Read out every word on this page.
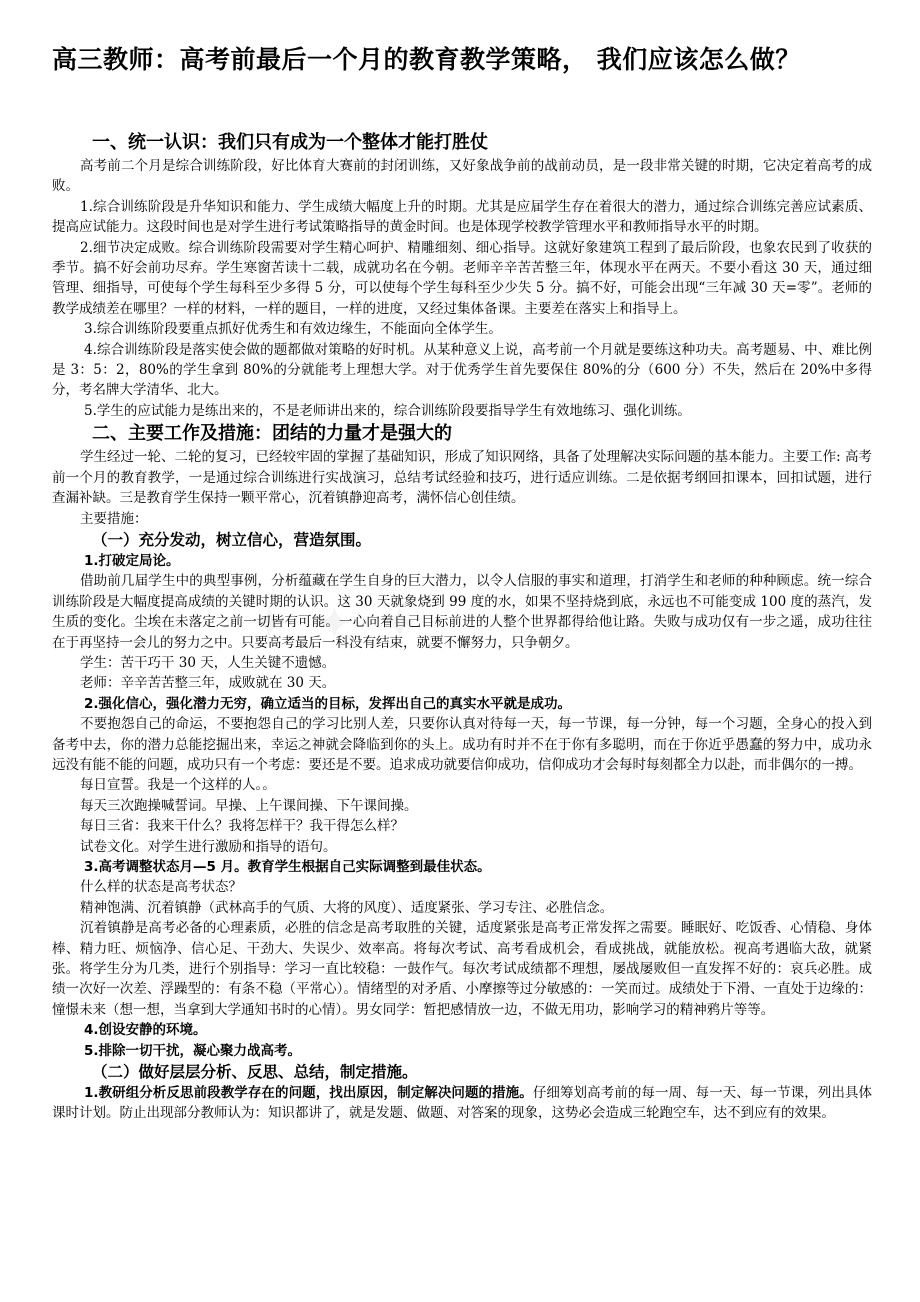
高三教师：高考前最后一个月的教育教学策略， 我们应该怎么做？
一、统一认识：我们只有成为一个整体才能打胜仗

高考前二个月是综合训练阶段，好比体育大赛前的封闭训练，又好象战争前的战前动员，是一段非常关键的时期，它决定着高考的成败。

1.综合训练阶段是升华知识和能力、学生成绩大幅度上升的时期。尤其是应届学生存在着很大的潜力，通过综合训练完善应试素质、提高应试能力。这段时间也是对学生进行考试策略指导的黄金时间。也是体现学校教学管理水平和教师指导水平的时期。

2.细节决定成败。综合训练阶段需要对学生精心呵护、精雕细刻、细心指导。这就好象建筑工程到了最后阶段，也象农民到了收获的季节。搞不好会前功尽弃。学生寒窗苦读十二载，成就功名在今朝。老师辛辛苦苦整三年，体现水平在两天。不要小看这 30 天，通过细管理、细指导，可使每个学生每科至少多得 5 分，可以使每个学生每科至少少失 5 分。搞不好，可能会出现“三年减 30 天=零”。老师的教学成绩差在哪里？一样的材料，一样的题目，一样的进度，又经过集体备课。主要差在落实上和指导上。

3.综合训练阶段要重点抓好优秀生和有效边缘生，不能面向全体学生。

4.综合训练阶段是落实使会做的题都做对策略的好时机。从某种意义上说，高考前一个月就是要练这种功夫。高考题易、中、难比例是 3：5：2，80%的学生拿到 80%的分就能考上理想大学。对于优秀学生首先要保住 80%的分（600 分）不失，然后在 20%中多得分，考名牌大学清华、北大。

5.学生的应试能力是练出来的，不是老师讲出来的，综合训练阶段要指导学生有效地练习、强化训练。

二、主要工作及措施：团结的力量才是强大的

学生经过一轮、二轮的复习，已经较牢固的掌握了基础知识，形成了知识网络，具备了处理解决实际问题的基本能力。主要工作: 高考前一个月的教育教学，一是通过综合训练进行实战演习，总结考试经验和技巧，进行适应训练。二是依据考纲回扣课本，回扣试题，进行查漏补缺。三是教育学生保持一颗平常心，沉着镇静迎高考，满怀信心创佳绩。

主要措施：

（一）充分发动，树立信心，营造氛围。
1.打破定局论。

借助前几届学生中的典型事例，分析蕴藏在学生自身的巨大潜力，以令人信服的事实和道理，打消学生和老师的种种顾虑。统一综合训练阶段是大幅度提高成绩的关键时期的认识。这 30 天就象烧到 99 度的水，如果不坚持烧到底，永远也不可能变成 100 度的蒸汽，发生质的变化。尘埃在未落定之前一切皆有可能。一心向着自己目标前进的人整个世界都得给他让路。失败与成功仅有一步之遥，成功往往在于再坚持一会儿的努力之中。只要高考最后一科没有结束，就要不懈努力，只争朝夕。

学生：苦干巧干 30 天，人生关键不遗憾。

老师：辛辛苦苦整三年，成败就在 30 天。

2.强化信心，强化潜力无穷，确立适当的目标，发挥出自己的真实水平就是成功。

不要抱怨自己的命运，不要抱怨自己的学习比别人差，只要你认真对待每一天，每一节课，每一分钟，每一个习题，全身心的投入到备考中去，你的潜力总能挖掘出来，幸运之神就会降临到你的头上。成功有时并不在于你有多聪明，而在于你近乎愚蠢的努力中，成功永远没有能不能的问题，成功只有一个考虑：要还是不要。追求成功就要信仰成功，信仰成功才会每时每刻都全力以赴，而非偶尔的一搏。

每日宣誓。我是一个这样的人。。

每天三次跑操喊誓词。早操、上午课间操、下午课间操。

每日三省：我来干什么？我将怎样干？我干得怎么样？

试卷文化。对学生进行激励和指导的语句。

3.高考调整状态月—5 月。教育学生根据自己实际调整到最佳状态。

什么样的状态是高考状态？

精神饱满、沉着镇静（武林高手的气质、大将的风度）、适度紧张、学习专注、必胜信念。

沉着镇静是高考必备的心理素质，必胜的信念是高考取胜的关键，适度紧张是高考正常发挥之需要。睡眠好、吃饭香、心情稳、身体棒、精力旺、烦恼净、信心足、干劲大、失误少、效率高。将每次考试、高考看成机会，看成挑战，就能放松。视高考遇临大敌，就紧张。将学生分为几类，进行个别指导：学习一直比较稳：一鼓作气。每次考试成绩都不理想，屡战屡败但一直发挥不好的：哀兵必胜。成绩一次好一次差、浮躁型的：有条不稳（平常心）。情绪型的对矛盾、小摩擦等过分敏感的：一笑而过。成绩处于下滑、一直处于边缘的：憧憬未来（想一想，当拿到大学通知书时的心情）。男女同学：暂把感情放一边，不做无用功，影响学习的精神鸦片等等。

4.创设安静的环境。
5.排除一切干扰，凝心聚力战高考。
（二）做好层层分析、反思、总结，制定措施。

1.教研组分析反思前段教学存在的问题，找出原因，制定解决问题的措施。仔细筹划高考前的每一周、每一天、每一节课，列出具体课时计划。防止出现部分教师认为：知识都讲了，就是发题、做题、对答案的现象，这势必会造成三轮跑空车，达不到应有的效果。
